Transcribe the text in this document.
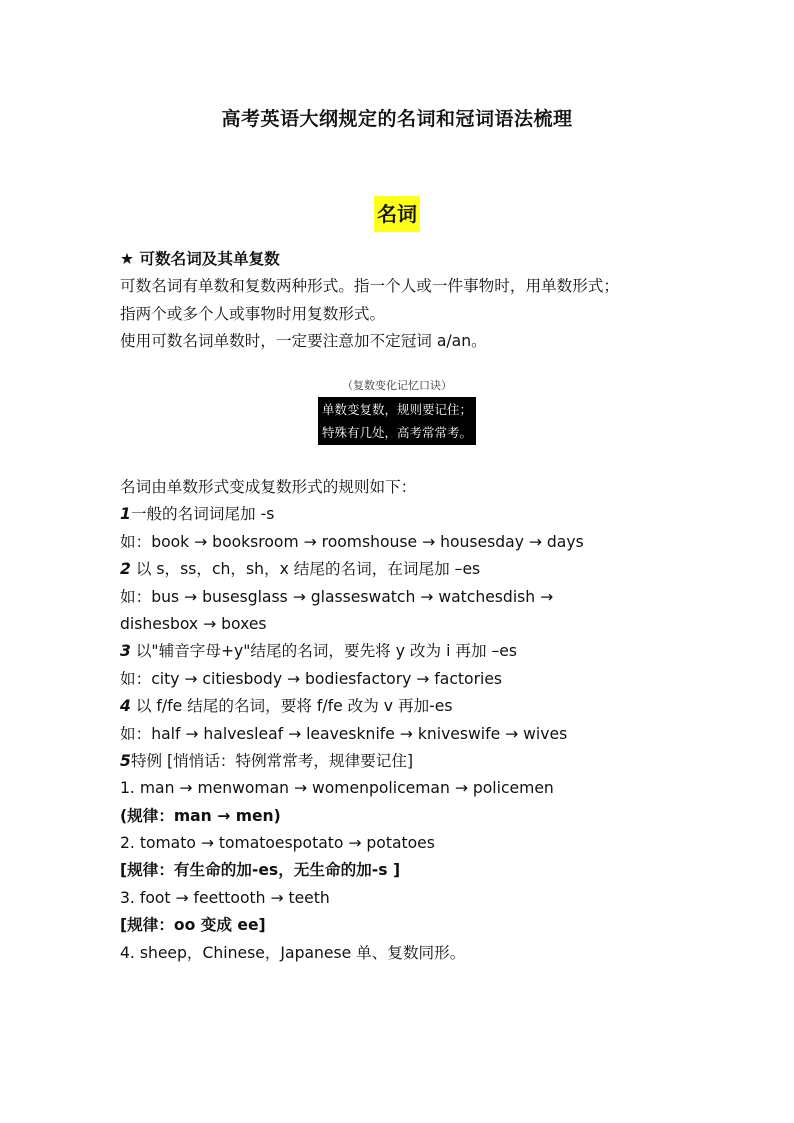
高考英语大纲规定的名词和冠词语法梳理
名词
★ 可数名词及其单复数
可数名词有单数和复数两种形式。指一个人或一件事物时，用单数形式；
指两个或多个人或事物时用复数形式。
使用可数名词单数时，一定要注意加不定冠词 a/an。
（复数变化记忆口诀）
单数变复数，规则要记住；
特殊有几处，高考常常考。
名词由单数形式变成复数形式的规则如下：
1一般的名词词尾加 -s
如：book → booksroom → roomshouse → housesday → days
2 以 s，ss，ch，sh，x 结尾的名词，在词尾加 –es
如：bus → busesglass → glasseswatch → watchesdish →
dishesbox → boxes
3 以"辅音字母+y"结尾的名词，要先将 y 改为 i 再加 –es
如：city → citiesbody → bodiesfactory → factories
4 以 f/fe 结尾的名词，要将 f/fe 改为 v 再加-es
如：half → halvesleaf → leavesknife → kniveswife → wives
5特例 [悄悄话：特例常常考，规律要记住]
1. man → menwoman → womenpoliceman → policemen
(规律：man → men)
2. tomato → tomatoespotato → potatoes
[规律：有生命的加-es，无生命的加-s ]
3. foot → feettooth → teeth
[规律：oo 变成 ee]
4. sheep，Chinese，Japanese 单、复数同形。
